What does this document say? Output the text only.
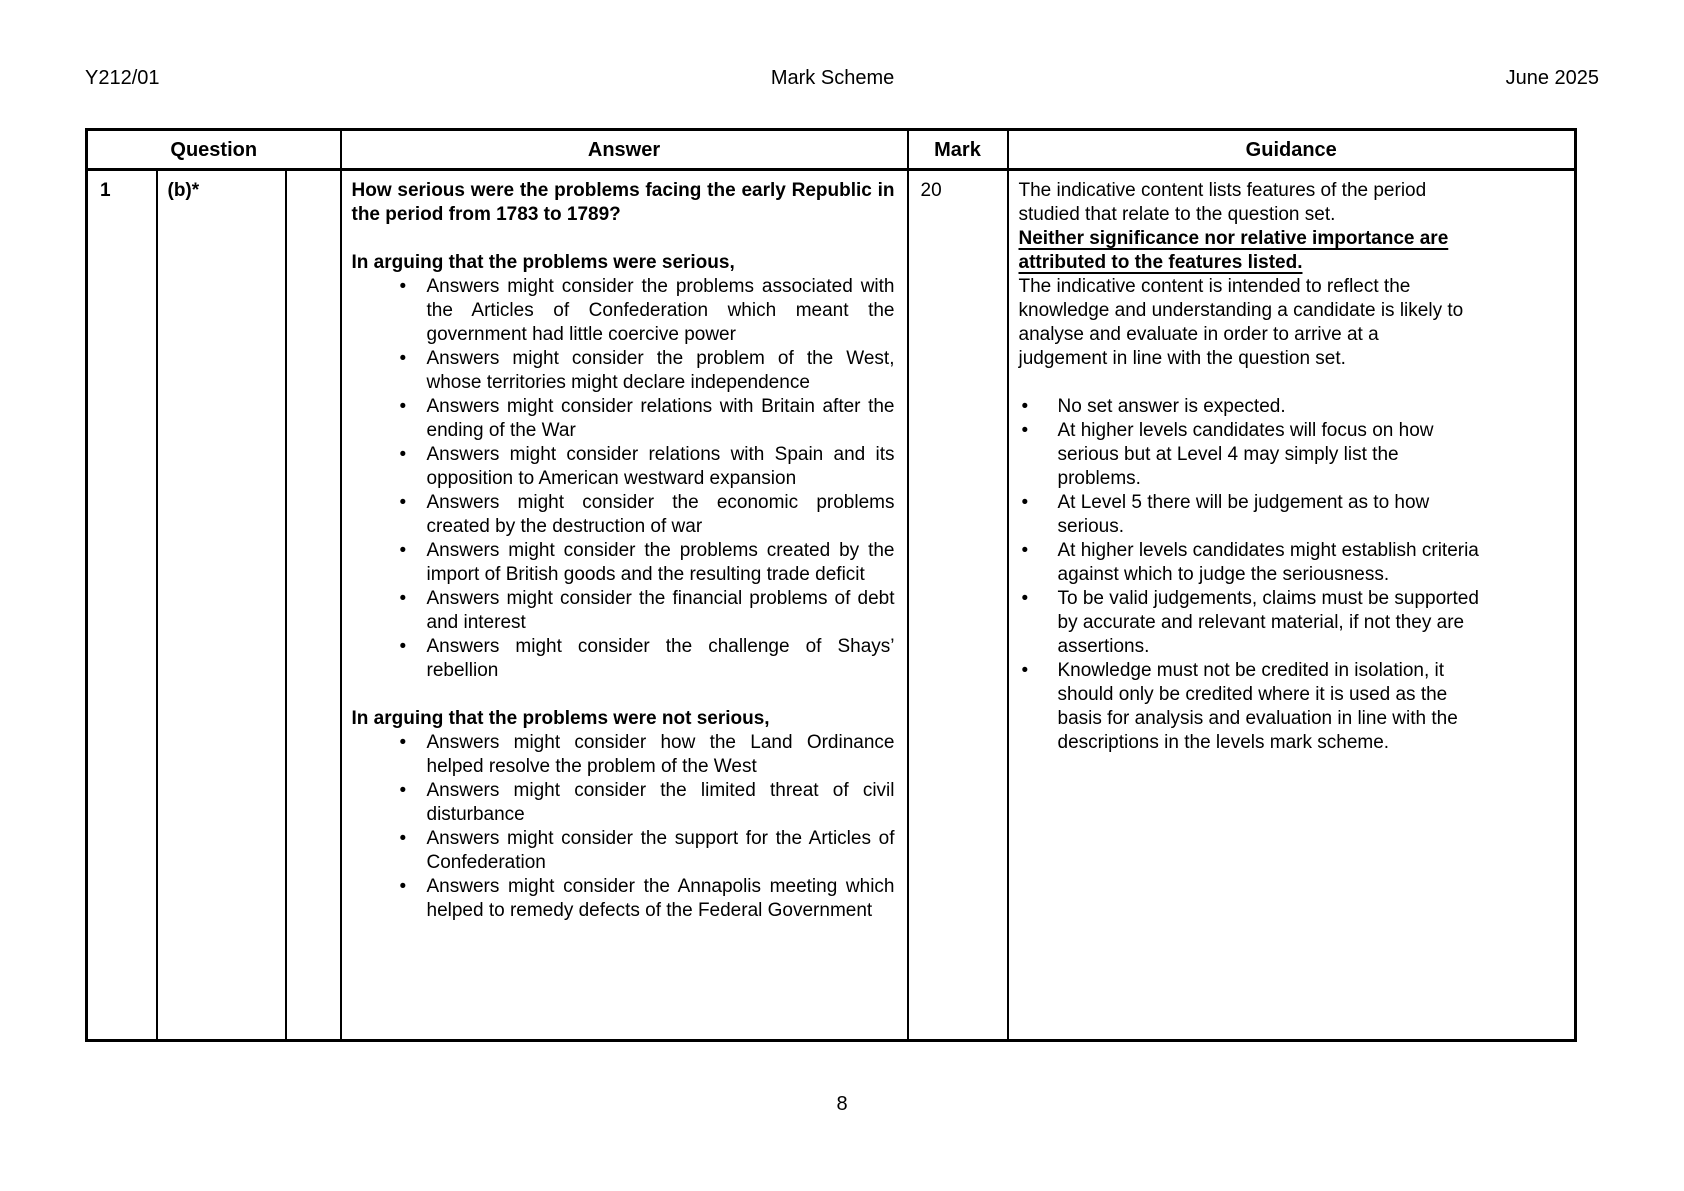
Y212/01	Mark Scheme	June 2025
Question			Answer	Mark	Guidance
1	(b)*		How serious were the problems facing the early Republic in the period from 1783 to 1789?

In arguing that the problems were serious,

• Answers might consider the problems associated with the Articles of Confederation which meant the government had little coercive power
• Answers might consider the problem of the West, whose territories might declare independence
• Answers might consider relations with Britain after the ending of the War
• Answers might consider relations with Spain and its opposition to American westward expansion
• Answers might consider the economic problems created by the destruction of war
• Answers might consider the problems created by the import of British goods and the resulting trade deficit
• Answers might consider the financial problems of debt and interest
• Answers might consider the challenge of Shays’ rebellion

In arguing that the problems were not serious,

• Answers might consider how the Land Ordinance helped resolve the problem of the West
• Answers might consider the limited threat of civil disturbance
• Answers might consider the support for the Articles of Confederation
• Answers might consider the Annapolis meeting which helped to remedy defects of the Federal Government
	20	The indicative content lists features of the period studied that relate to the question set.

Neither significance nor relative importance are attributed to the features listed.

The indicative content is intended to reflect the knowledge and understanding a candidate is likely to analyse and evaluate in order to arrive at a judgement in line with the question set.

• No set answer is expected.
• At higher levels candidates will focus on how serious but at Level 4 may simply list the problems.
• At Level 5 there will be judgement as to how serious.
• At higher levels candidates might establish criteria against which to judge the seriousness.
• To be valid judgements, claims must be supported by accurate and relevant material, if not they are assertions.
• Knowledge must not be credited in isolation, it should only be credited where it is used as the basis for analysis and evaluation in line with the descriptions in the levels mark scheme.
8
